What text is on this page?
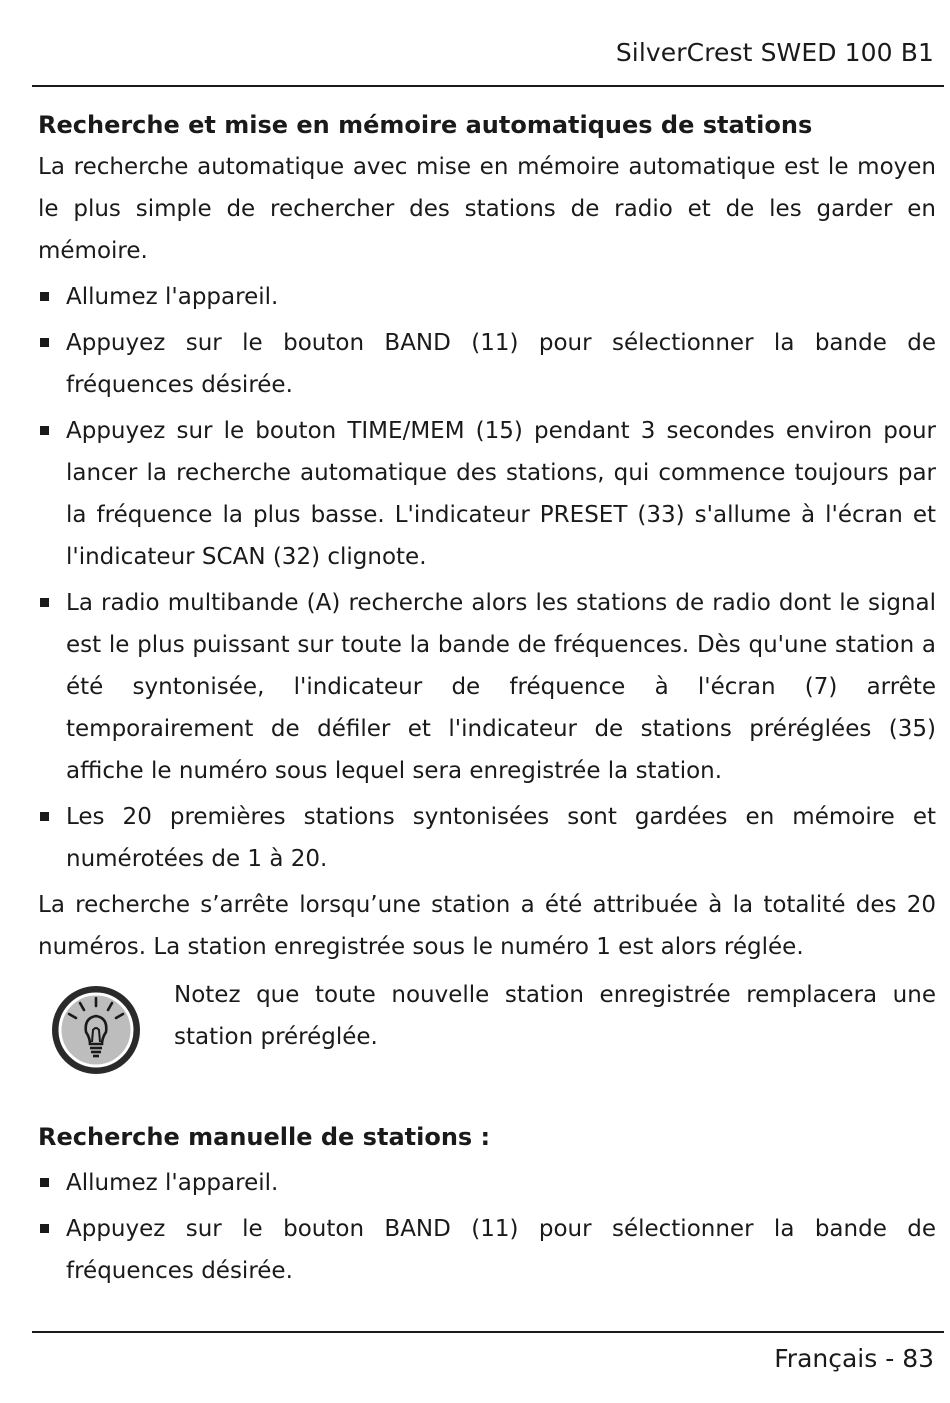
SilverCrest SWED 100 B1
Recherche et mise en mémoire automatiques de stations

La recherche automatique avec mise en mémoire automatique est le moyen le plus simple de rechercher des stations de radio et de les garder en mémoire.

Allumez l'appareil.
Appuyez sur le bouton BAND (11) pour sélectionner la bande de fréquences désirée.
Appuyez sur le bouton TIME/MEM (15) pendant 3 secondes environ pour lancer la recherche automatique des stations, qui commence toujours par la fréquence la plus basse. L'indicateur PRESET (33) s'allume à l'écran et l'indicateur SCAN (32) clignote.
La radio multibande (A) recherche alors les stations de radio dont le signal est le plus puissant sur toute la bande de fréquences. Dès qu'une station a été syntonisée, l'indicateur de fréquence à l'écran (7) arrête temporairement de défiler et l'indicateur de stations préréglées (35) affiche le numéro sous lequel sera enregistrée la station.
Les 20 premières stations syntonisées sont gardées en mémoire et numérotées de 1 à 20.

La recherche s’arrête lorsqu’une station a été attribuée à la totalité des 20 numéros. La station enregistrée sous le numéro 1 est alors réglée.

Notez que toute nouvelle station enregistrée remplacera une station préréglée.
Recherche manuelle de stations :
Allumez l'appareil.
Appuyez sur le bouton BAND (11) pour sélectionner la bande de fréquences désirée.
Français - 83
